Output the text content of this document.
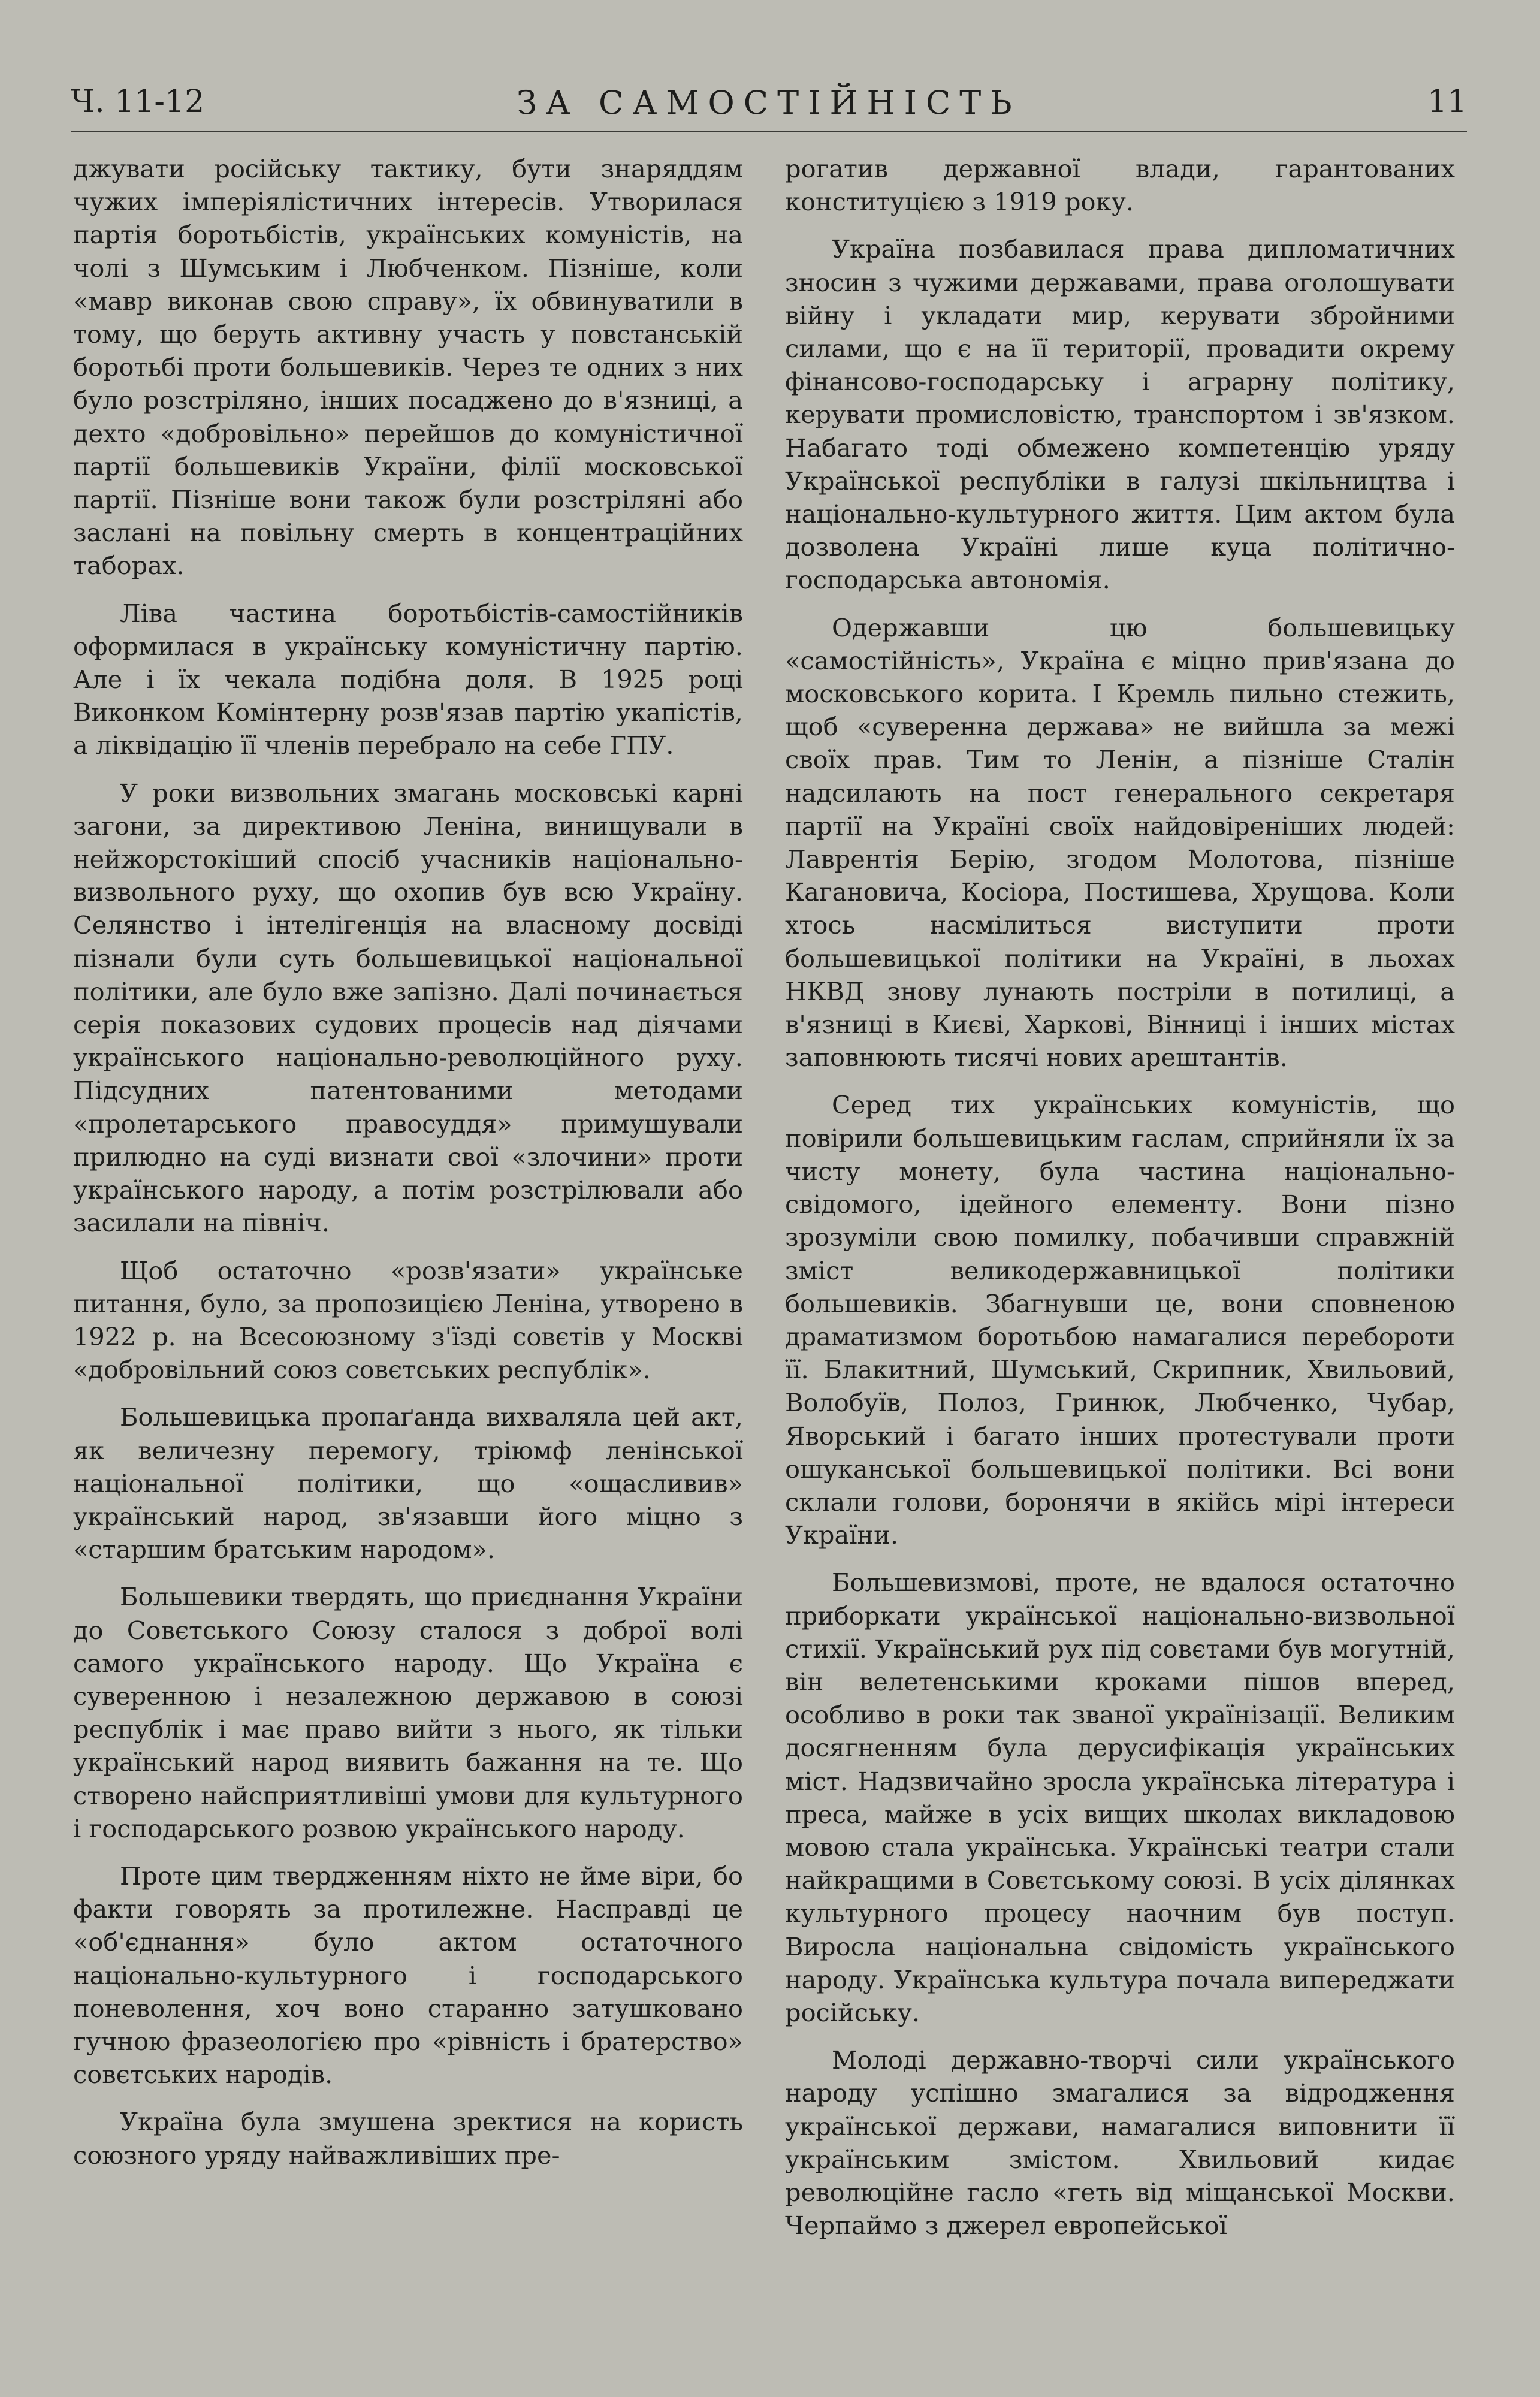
Ч. 11-12	ЗА САМОСТІЙНІСТЬ	11

джувати російську тактику, бути знаряддям чужих імперіялістичних інтересів. Утворилася партія боротьбістів, українських комуністів, на чолі з Шумським і Любченком. Пізніше, коли «мавр виконав свою справу», їх обвинуватили в тому, що беруть активну участь у повстанській боротьбі проти большевиків. Через те одних з них було розстріляно, інших посаджено до в'язниці, а дехто «добровільно» перейшов до комуністичної партії большевиків України, філії московської партії. Пізніше вони також були розстріляні або заслані на повільну смерть в концентраційних таборах.

Ліва частина боротьбістів-самостійників оформилася в українську комуністичну партію. Але і їх чекала подібна доля. В 1925 році Виконком Комінтерну розв'язав партію укапістів, а ліквідацію її членів перебрало на себе ГПУ.

У роки визвольних змагань московські карні загони, за директивою Леніна, винищували в нейжорстокіший спосіб учасників національно-визвольного руху, що охопив був всю Україну. Селянство і інтелігенція на власному досвіді пізнали були суть большевицької національної політики, але було вже запізно. Далі починається серія показових судових процесів над діячами українського національно-революційного руху. Підсудних патентованими методами «пролетарського правосуддя» примушували прилюдно на суді визнати свої «злочини» проти українського народу, а потім розстрілювали або засилали на північ.

Щоб остаточно «розв'язати» українське питання, було, за пропозицією Леніна, утворено в 1922 р. на Всесоюзному з'їзді совєтів у Москві «добровільний союз совєтських республік».

Большевицька пропаґанда вихваляла цей акт, як величезну перемогу, тріюмф ленінської національної політики, що «ощасливив» український народ, зв'язавши його міцно з «старшим братським народом».

Большевики твердять, що приєднання України до Совєтського Союзу сталося з доброї волі самого українського народу. Що Україна є суверенною і незалежною державою в союзі республік і має право вийти з нього, як тільки український народ виявить бажання на те. Що створено найсприятливіші умови для культурного і господарського розвою українського народу.

Проте цим твердженням ніхто не йме віри, бо факти говорять за протилежне. Насправді це «об'єднання» було актом остаточного національно-культурного і господарського поневолення, хоч воно старанно затушковано гучною фразеологією про «рівність і братерство» совєтських народів.

Україна була змушена зректися на користь союзного уряду найважливіших пре-

рогатив державної влади, гарантованих конституцією з 1919 року.

Україна позбавилася права дипломатичних зносин з чужими державами, права оголошувати війну і укладати мир, керувати збройними силами, що є на її території, провадити окрему фінансово-господарську і аграрну політику, керувати промисловістю, транспортом і зв'язком. Набагато тоді обмежено компетенцію уряду Української республіки в галузі шкільництва і національно-культурного життя. Цим актом була дозволена Україні лише куца політично-господарська автономія.

Одержавши цю большевицьку «самостійність», Україна є міцно прив'язана до московського корита. І Кремль пильно стежить, щоб «суверенна держава» не вийшла за межі своїх прав. Тим то Ленін, а пізніше Сталін надсилають на пост генерального секретаря партії на Україні своїх найдовіреніших людей: Лаврентія Берію, згодом Молотова, пізніше Кагановича, Косіора, Постишева, Хрущова. Коли хтось насмілиться виступити проти большевицької політики на Україні, в льохах НКВД знову лунають постріли в потилиці, а в'язниці в Києві, Харкові, Вінниці і інших містах заповнюють тисячі нових арештантів.

Серед тих українських комуністів, що повірили большевицьким гаслам, сприйняли їх за чисту монету, була частина національно-свідомого, ідейного елементу. Вони пізно зрозуміли свою помилку, побачивши справжній зміст великодержавницької політики большевиків. Збагнувши це, вони сповненою драматизмом боротьбою намагалися перебороти її. Блакитний, Шумський, Скрипник, Хвильовий, Волобуїв, Полоз, Гринюк, Любченко, Чубар, Яворський і багато інших протестували проти ошуканської большевицької політики. Всі вони склали голови, боронячи в якійсь мірі інтереси України.

Большевизмові, проте, не вдалося остаточно приборкати української національно-визвольної стихії. Український рух під совєтами був могутній, він велетенськими кроками пішов вперед, особливо в роки так званої українізації. Великим досягненням була дерусифікація українських міст. Надзвичайно зросла українська література і преса, майже в усіх вищих школах викладовою мовою стала українська. Українські театри стали найкращими в Совєтському союзі. В усіх ділянках культурного процесу наочним був поступ. Виросла національна свідомість українського народу. Українська культура почала випереджати російську.

Молоді державно-творчі сили українського народу успішно змагалися за відродження української держави, намагалися виповнити її українським змістом. Хвильовий кидає революційне гасло «геть від міщанської Москви. Черпаймо з джерел европейської
